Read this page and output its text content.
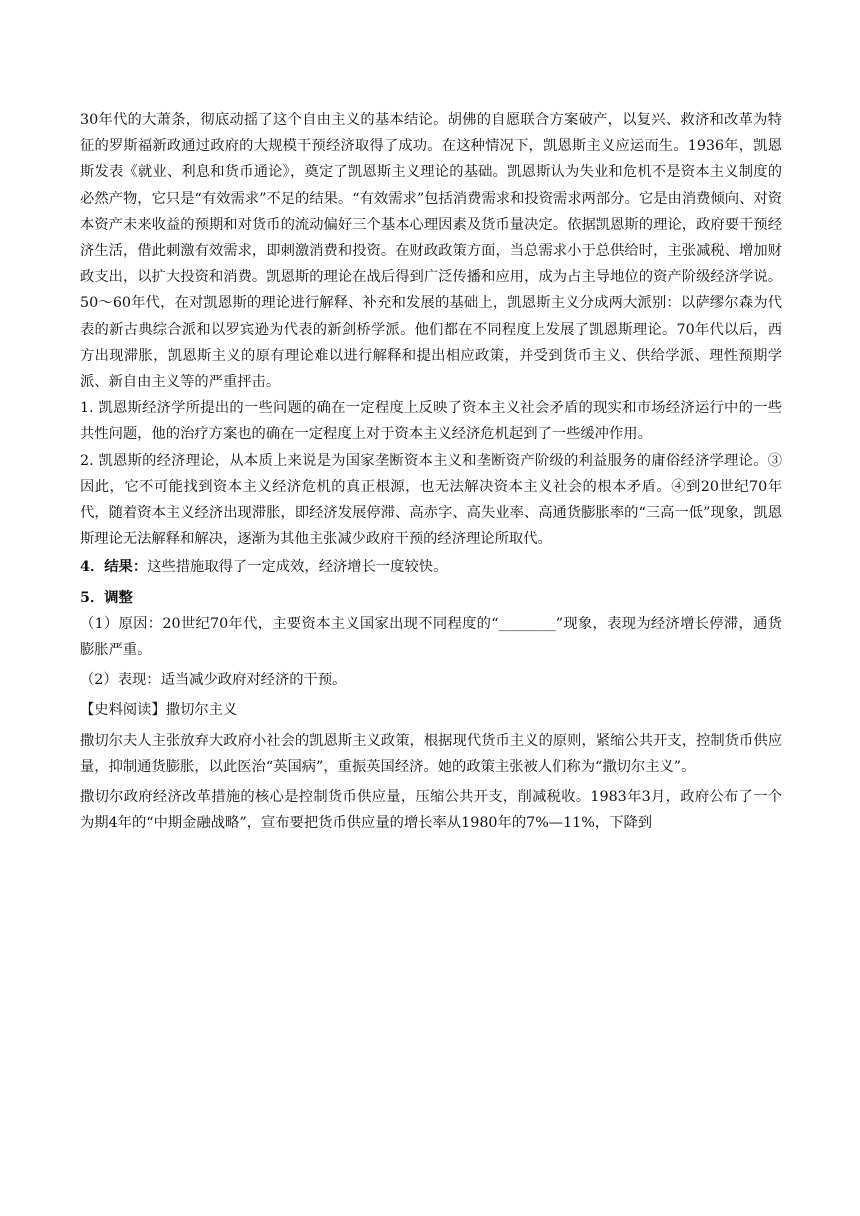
30年代的大萧条，彻底动摇了这个自由主义的基本结论。胡佛的自愿联合方案破产，以复兴、救济和改革为特征的罗斯福新政通过政府的大规模干预经济取得了成功。在这种情况下，凯恩斯主义应运而生。1936年，凯恩斯发表《就业、利息和货币通论》，奠定了凯恩斯主义理论的基础。凯恩斯认为失业和危机不是资本主义制度的必然产物，它只是“有效需求”不足的结果。“有效需求”包括消费需求和投资需求两部分。它是由消费倾向、对资本资产未来收益的预期和对货币的流动偏好三个基本心理因素及货币量决定。依据凯恩斯的理论，政府要干预经济生活，借此刺激有效需求，即刺激消费和投资。在财政政策方面，当总需求小于总供给时，主张减税、增加财政支出，以扩大投资和消费。凯恩斯的理论在战后得到广泛传播和应用，成为占主导地位的资产阶级经济学说。50～60年代，在对凯恩斯的理论进行解释、补充和发展的基础上，凯恩斯主义分成两大派别：以萨缪尔森为代表的新古典综合派和以罗宾逊为代表的新剑桥学派。他们都在不同程度上发展了凯恩斯理论。70年代以后，西方出现滞胀，凯恩斯主义的原有理论难以进行解释和提出相应政策，并受到货币主义、供给学派、理性预期学派、新自由主义等的严重抨击。

1. 凯恩斯经济学所提出的一些问题的确在一定程度上反映了资本主义社会矛盾的现实和市场经济运行中的一些共性问题，他的治疗方案也的确在一定程度上对于资本主义经济危机起到了一些缓冲作用。

2. 凯恩斯的经济理论，从本质上来说是为国家垄断资本主义和垄断资产阶级的利益服务的庸俗经济学理论。③因此，它不可能找到资本主义经济危机的真正根源，也无法解决资本主义社会的根本矛盾。④到20世纪70年代，随着资本主义经济出现滞胀，即经济发展停滞、高赤字、高失业率、高通货膨胀率的“三高一低”现象，凯恩斯理论无法解释和解决，逐渐为其他主张减少政府干预的经济理论所取代。

4．结果：这些措施取得了一定成效，经济增长一度较快。

5．调整

（1）原因：20世纪70年代，主要资本主义国家出现不同程度的“________”现象，表现为经济增长停滞，通货膨胀严重。

（2）表现：适当减少政府对经济的干预。

【史料阅读】撒切尔主义

撒切尔夫人主张放弃大政府小社会的凯恩斯主义政策，根据现代货币主义的原则，紧缩公共开支，控制货币供应量，抑制通货膨胀，以此医治“英国病”，重振英国经济。她的政策主张被人们称为“撒切尔主义”。

撒切尔政府经济改革措施的核心是控制货币供应量，压缩公共开支，削减税收。1983年3月，政府公布了一个为期4年的“中期金融战略”，宣布要把货币供应量的增长率从1980年的7%—11%，下降到
